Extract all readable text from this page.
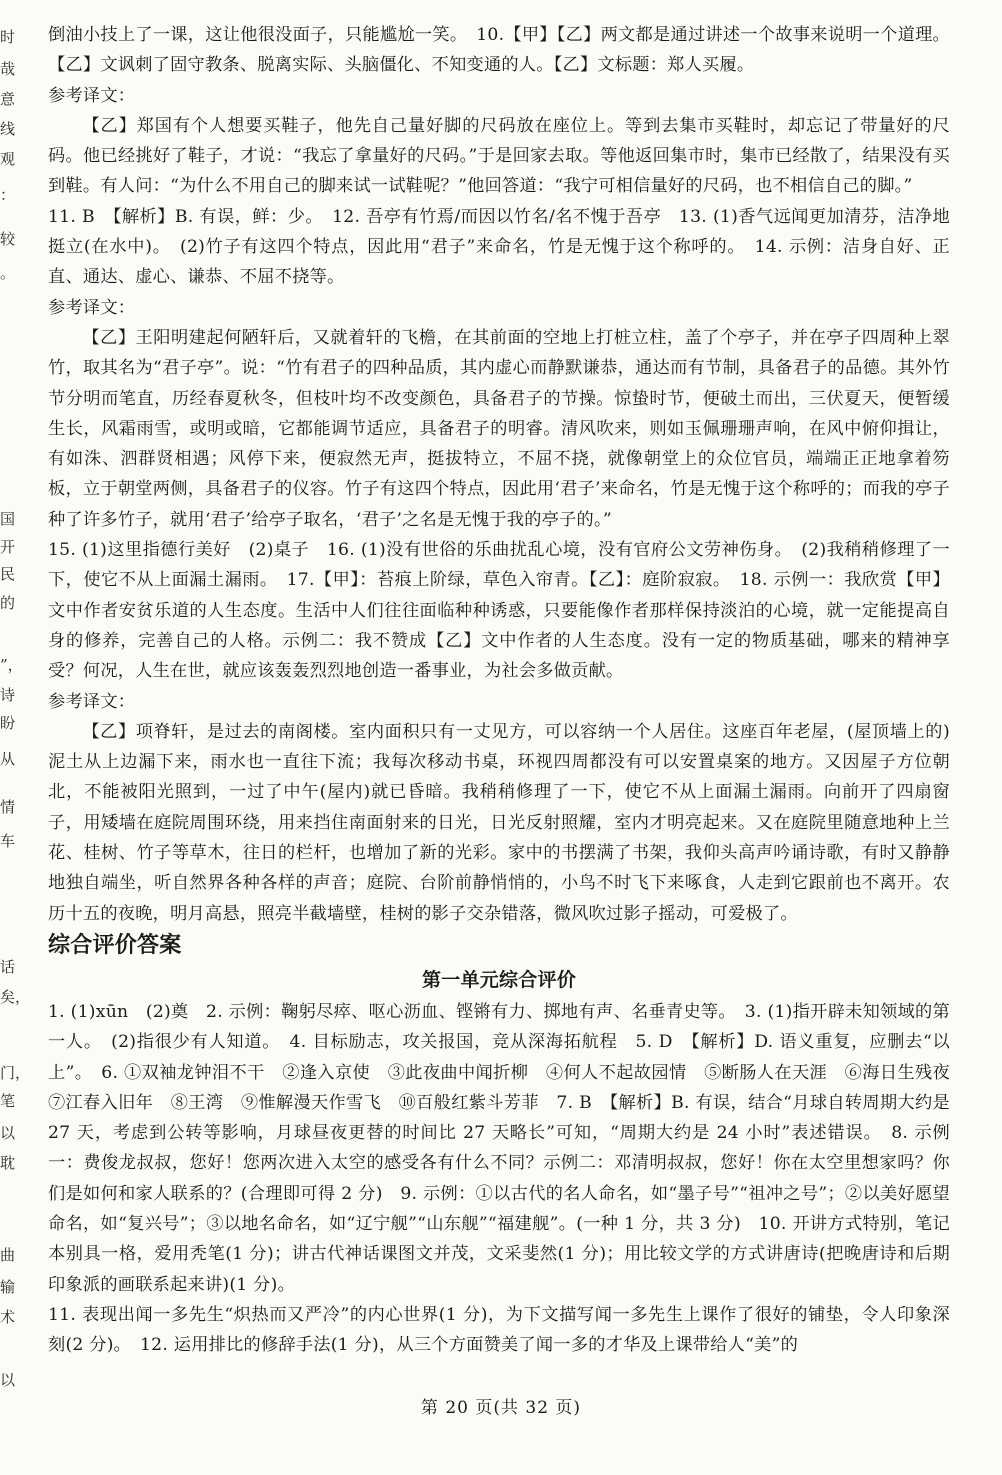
时
哉
意
线
观
：
较
。
国
开
民
的
”，
诗
盼
从
情
车
话
矣，
门，
笔
以
耽
曲
输
术
以

倒油小技上了一课，这让他很没面子，只能尴尬一笑。　10.【甲】【乙】两文都是通过讲述一个故事来说明一个道理。【乙】文讽刺了固守教条、脱离实际、头脑僵化、不知变通的人。【乙】文标题：郑人买履。

参考译文：

【乙】郑国有个人想要买鞋子，他先自己量好脚的尺码放在座位上。等到去集市买鞋时，却忘记了带量好的尺码。他已经挑好了鞋子，才说：“我忘了拿量好的尺码。”于是回家去取。等他返回集市时，集市已经散了，结果没有买到鞋。有人问：“为什么不用自己的脚来试一试鞋呢？”他回答道：“我宁可相信量好的尺码，也不相信自己的脚。”

11. B　【解析】B. 有误，鲜：少。　12. 吾亭有竹焉/而因以竹名/名不愧于吾亭　13. (1)香气远闻更加清芬，洁净地挺立(在水中)。　(2)竹子有这四个特点，因此用“君子”来命名，竹是无愧于这个称呼的。　14. 示例：洁身自好、正直、通达、虚心、谦恭、不屈不挠等。

参考译文：

【乙】王阳明建起何陋轩后，又就着轩的飞檐，在其前面的空地上打桩立柱，盖了个亭子，并在亭子四周种上翠竹，取其名为“君子亭”。说：“竹有君子的四种品质，其内虚心而静默谦恭，通达而有节制，具备君子的品德。其外竹节分明而笔直，历经春夏秋冬，但枝叶均不改变颜色，具备君子的节操。惊蛰时节，便破土而出，三伏夏天，便暂缓生长，风霜雨雪，或明或暗，它都能调节适应，具备君子的明睿。清风吹来，则如玉佩珊珊声响，在风中俯仰揖让，有如洙、泗群贤相遇；风停下来，便寂然无声，挺拔特立，不屈不挠，就像朝堂上的众位官员，端端正正地拿着笏板，立于朝堂两侧，具备君子的仪容。竹子有这四个特点，因此用‘君子’来命名，竹是无愧于这个称呼的；而我的亭子种了许多竹子，就用‘君子’给亭子取名，‘君子’之名是无愧于我的亭子的。”

15. (1)这里指德行美好　(2)桌子　16. (1)没有世俗的乐曲扰乱心境，没有官府公文劳神伤身。　(2)我稍稍修理了一下，使它不从上面漏土漏雨。　17.【甲】：苔痕上阶绿，草色入帘青。【乙】：庭阶寂寂。　18. 示例一：我欣赏【甲】文中作者安贫乐道的人生态度。生活中人们往往面临种种诱惑，只要能像作者那样保持淡泊的心境，就一定能提高自身的修养，完善自己的人格。示例二：我不赞成【乙】文中作者的人生态度。没有一定的物质基础，哪来的精神享受？何况，人生在世，就应该轰轰烈烈地创造一番事业，为社会多做贡献。

参考译文：

【乙】项脊轩，是过去的南阁楼。室内面积只有一丈见方，可以容纳一个人居住。这座百年老屋，(屋顶墙上的)泥土从上边漏下来，雨水也一直往下流；我每次移动书桌，环视四周都没有可以安置桌案的地方。又因屋子方位朝北，不能被阳光照到，一过了中午(屋内)就已昏暗。我稍稍修理了一下，使它不从上面漏土漏雨。向前开了四扇窗子，用矮墙在庭院周围环绕，用来挡住南面射来的日光，日光反射照耀，室内才明亮起来。又在庭院里随意地种上兰花、桂树、竹子等草木，往日的栏杆，也增加了新的光彩。家中的书摆满了书架，我仰头高声吟诵诗歌，有时又静静地独自端坐，听自然界各种各样的声音；庭院、台阶前静悄悄的，小鸟不时飞下来啄食，人走到它跟前也不离开。农历十五的夜晚，明月高悬，照亮半截墙壁，桂树的影子交杂错落，微风吹过影子摇动，可爱极了。

综合评价答案

第一单元综合评价

1. (1)xūn　(2)奠　2. 示例：鞠躬尽瘁、呕心沥血、铿锵有力、掷地有声、名垂青史等。　3. (1)指开辟未知领域的第一人。　(2)指很少有人知道。　4. 目标励志，攻关报国，竞从深海拓航程　5. D　【解析】D. 语义重复，应删去“以上”。　6. ①双袖龙钟泪不干　②逢入京使　③此夜曲中闻折柳　④何人不起故园情　⑤断肠人在天涯　⑥海日生残夜　⑦江春入旧年　⑧王湾　⑨惟解漫天作雪飞　⑩百般红紫斗芳菲　7. B　【解析】B. 有误，结合“月球自转周期大约是 27 天，考虑到公转等影响，月球昼夜更替的时间比 27 天略长”可知，“周期大约是 24 小时”表述错误。　8. 示例一：费俊龙叔叔，您好！您两次进入太空的感受各有什么不同？示例二：邓清明叔叔，您好！你在太空里想家吗？你们是如何和家人联系的？(合理即可得 2 分)　9. 示例：①以古代的名人命名，如“墨子号”“祖冲之号”；②以美好愿望命名，如“复兴号”；③以地名命名，如“辽宁舰”“山东舰”“福建舰”。(一种 1 分，共 3 分)　10. 开讲方式特别，笔记本别具一格，爱用秃笔(1 分)；讲古代神话课图文并茂，文采斐然(1 分)；用比较文学的方式讲唐诗(把晚唐诗和后期印象派的画联系起来讲)(1 分)。

11. 表现出闻一多先生“炽热而又严冷”的内心世界(1 分)，为下文描写闻一多先生上课作了很好的铺垫，令人印象深刻(2 分)。　12. 运用排比的修辞手法(1 分)，从三个方面赞美了闻一多的才华及上课带给人“美”的

第 20 页(共 32 页)
